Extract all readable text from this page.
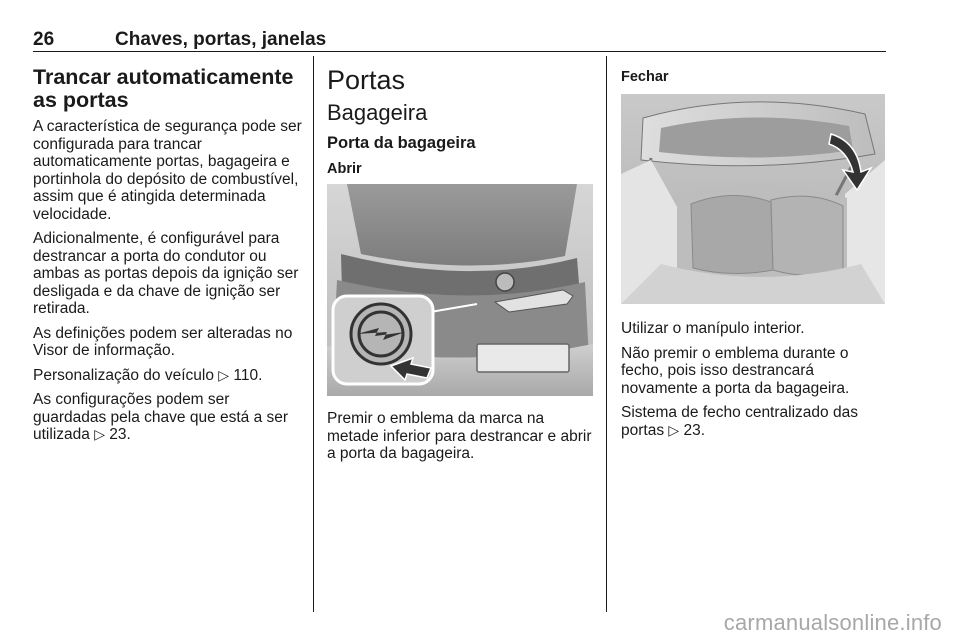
26	Chaves, portas, janelas
Trancar automaticamente as portas

A característica de segurança pode ser configurada para trancar automaticamente portas, bagageira e portinhola do depósito de combustível, assim que é atingida determinada velocidade.

Adicionalmente, é configurável para destrancar a porta do condutor ou ambas as portas depois da ignição ser desligada e da chave de ignição ser retirada.

As definições podem ser alteradas no Visor de informação.

Personalização do veículo ▷ 110.

As configurações podem ser guardadas pela chave que está a ser utilizada ▷ 23.

Portas
Bagageira
Porta da bagageira
Abrir

Premir o emblema da marca na metade inferior para destrancar e abrir a porta da bagageira.

Fechar

Utilizar o manípulo interior.

Não premir o emblema durante o fecho, pois isso destrancará novamente a porta da bagageira.

Sistema de fecho centralizado das portas ▷ 23.

carmanualsonline.info
